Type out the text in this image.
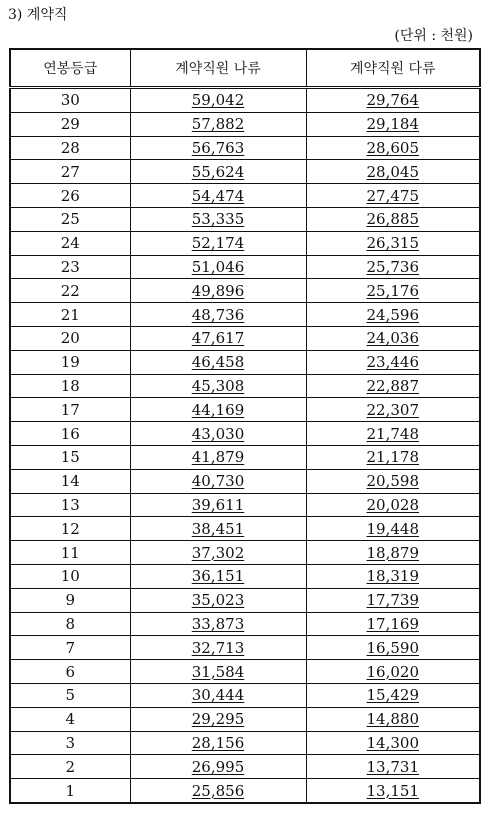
3) 계약직
(단위 : 천원)
연봉등급	계약직원 나류	계약직원 다류
30	59,042	29,764
29	57,882	29,184
28	56,763	28,605
27	55,624	28,045
26	54,474	27,475
25	53,335	26,885
24	52,174	26,315
23	51,046	25,736
22	49,896	25,176
21	48,736	24,596
20	47,617	24,036
19	46,458	23,446
18	45,308	22,887
17	44,169	22,307
16	43,030	21,748
15	41,879	21,178
14	40,730	20,598
13	39,611	20,028
12	38,451	19,448
11	37,302	18,879
10	36,151	18,319
9	35,023	17,739
8	33,873	17,169
7	32,713	16,590
6	31,584	16,020
5	30,444	15,429
4	29,295	14,880
3	28,156	14,300
2	26,995	13,731
1	25,856	13,151
